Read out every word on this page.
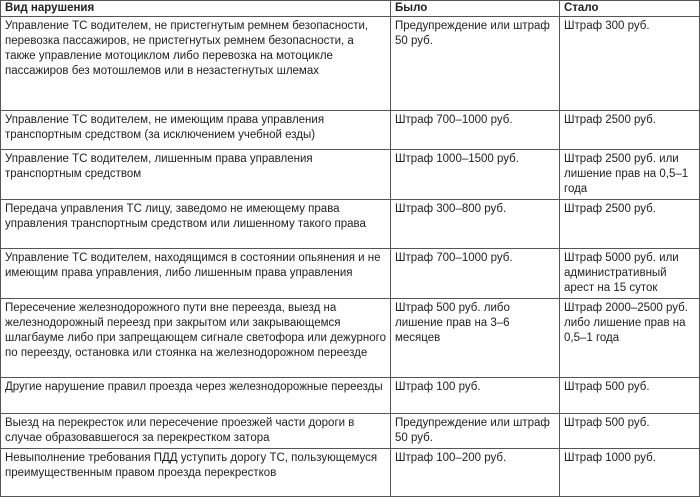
Вид нарушения	Было	Стало

Управление ТС водителем, не пристегнутым ремнем безопасности, перевозка пассажиров, не пристегнутых ремнем безопасности, а также управление мотоциклом либо перевозка на мотоцикле пассажиров без мотошлемов или в незастегнутых шлемах	Предупреждение или штраф 50 руб.	Штраф 300 руб.

Управление ТС водителем, не имеющим права управления транспортным средством (за исключением учебной езды)	Штраф 700–1000 руб.	Штраф 2500 руб.

Управление ТС водителем, лишенным права управления транспортным средством	Штраф 1000–1500 руб.	Штраф 2500 руб. или лишение прав на 0,5–1 года

Передача управления ТС лицу, заведомо не имеющему права управления транспортным средством или лишенному такого права	Штраф 300–800 руб.	Штраф 2500 руб.

Управление ТС водителем, находящимся в состоянии опьянения и не имеющим права управления, либо лишенным права управления	Штраф 700–1000 руб.	Штраф 5000 руб. или административный арест на 15 суток

Пересечение железнодорожного пути вне переезда, выезд на железнодорожный переезд при закрытом или закрывающемся шлагбауме либо при запрещающем сигнале светофора или дежурного по переезду, остановка или стоянка на железнодорожном переезде	Штраф 500 руб. либо лишение прав на 3–6 месяцев	Штраф 2000–2500 руб. либо лишение прав на 0,5–1 года

Другие нарушение правил проезда через железнодорожные переезды	Штраф 100 руб.	Штраф 500 руб.

Выезд на перекресток или пересечение проезжей части дороги в случае образовавшегося за перекрестком затора	Предупреждение или штраф 50 руб.	Штраф 500 руб.

Невыполнение требования ПДД уступить дорогу ТС, пользующемуся преимущественным правом проезда перекрестков	Штраф 100–200 руб.	Штраф 1000 руб.
